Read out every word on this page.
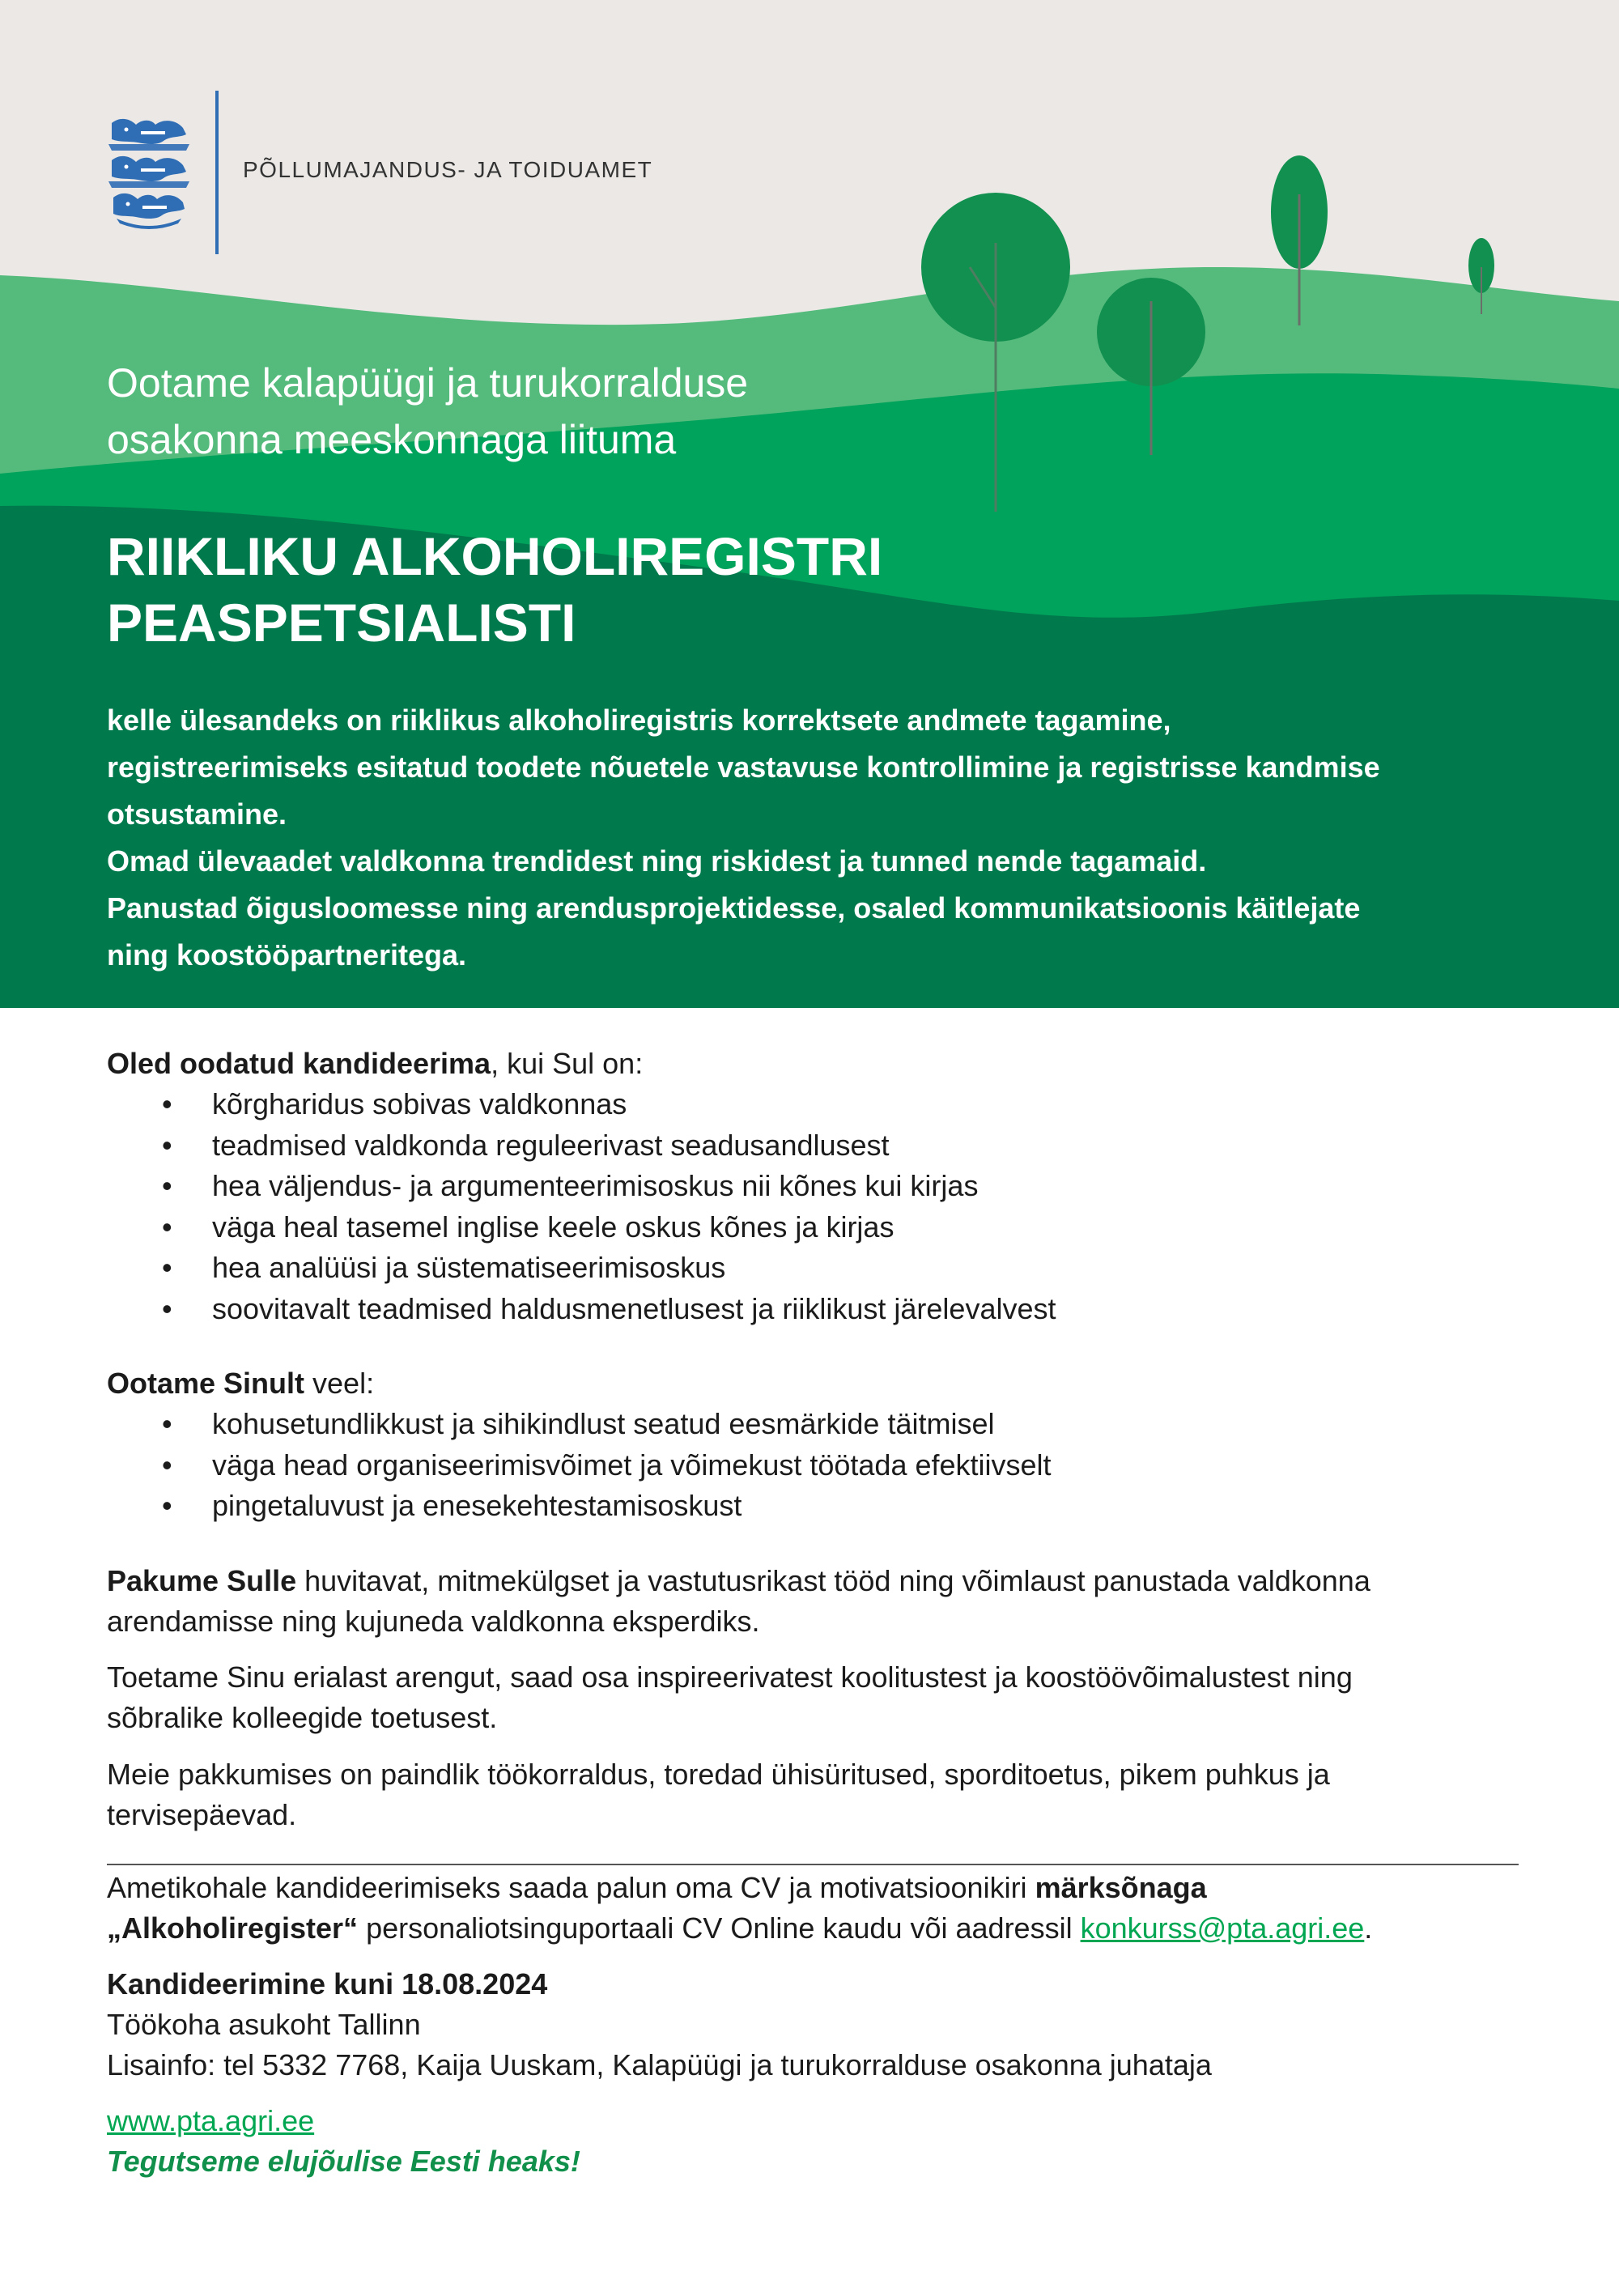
PÕLLUMAJANDUS- JA TOIDUAMET
Ootame kalapüügi ja turukorralduse
osakonna meeskonnaga liituma
RIIKLIKU ALKOHOLIREGISTRI
PEASPETSIALISTI

kelle ülesandeks on riiklikus alkoholiregistris korrektsete andmete tagamine,

registreerimiseks esitatud toodete nõuetele vastavuse kontrollimine ja registrisse kandmise

otsustamine.

Omad ülevaadet valdkonna trendidest ning riskidest ja tunned nende tagamaid.

Panustad õigusloomesse ning arendusprojektidesse, osaled kommunikatsioonis käitlejate

ning koostööpartneritega.

Oled oodatud kandideerima, kui Sul on:

• kõrgharidus sobivas valdkonnas
• teadmised valdkonda reguleerivast seadusandlusest
• hea väljendus- ja argumenteerimisoskus nii kõnes kui kirjas
• väga heal tasemel inglise keele oskus kõnes ja kirjas
• hea analüüsi ja süstematiseerimisoskus
• soovitavalt teadmised haldusmenetlusest ja riiklikust järelevalvest

Ootame Sinult veel:

• kohusetundlikkust ja sihikindlust seatud eesmärkide täitmisel
• väga head organiseerimisvõimet ja võimekust töötada efektiivselt
• pingetaluvust ja enesekehtestamisoskust

Pakume Sulle huvitavat, mitmekülgset ja vastutusrikast tööd ning võimlaust panustada valdkonna

arendamisse ning kujuneda valdkonna eksperdiks.

Toetame Sinu erialast arengut, saad osa inspireerivatest koolitustest ja koostöövõimalustest ning

sõbralike kolleegide toetusest.

Meie pakkumises on paindlik töökorraldus, toredad ühisüritused, sporditoetus, pikem puhkus ja

tervisepäevad.

Ametikohale kandideerimiseks saada palun oma CV ja motivatsioonikiri märksõnaga

„Alkoholiregister“ personaliotsinguportaali CV Online kaudu või aadressil konkurss@pta.agri.ee.

Kandideerimine kuni 18.08.2024

Töökoha asukoht Tallinn

Lisainfo: tel 5332 7768, Kaija Uuskam, Kalapüügi ja turukorralduse osakonna juhataja

www.pta.agri.ee

Tegutseme elujõulise Eesti heaks!
